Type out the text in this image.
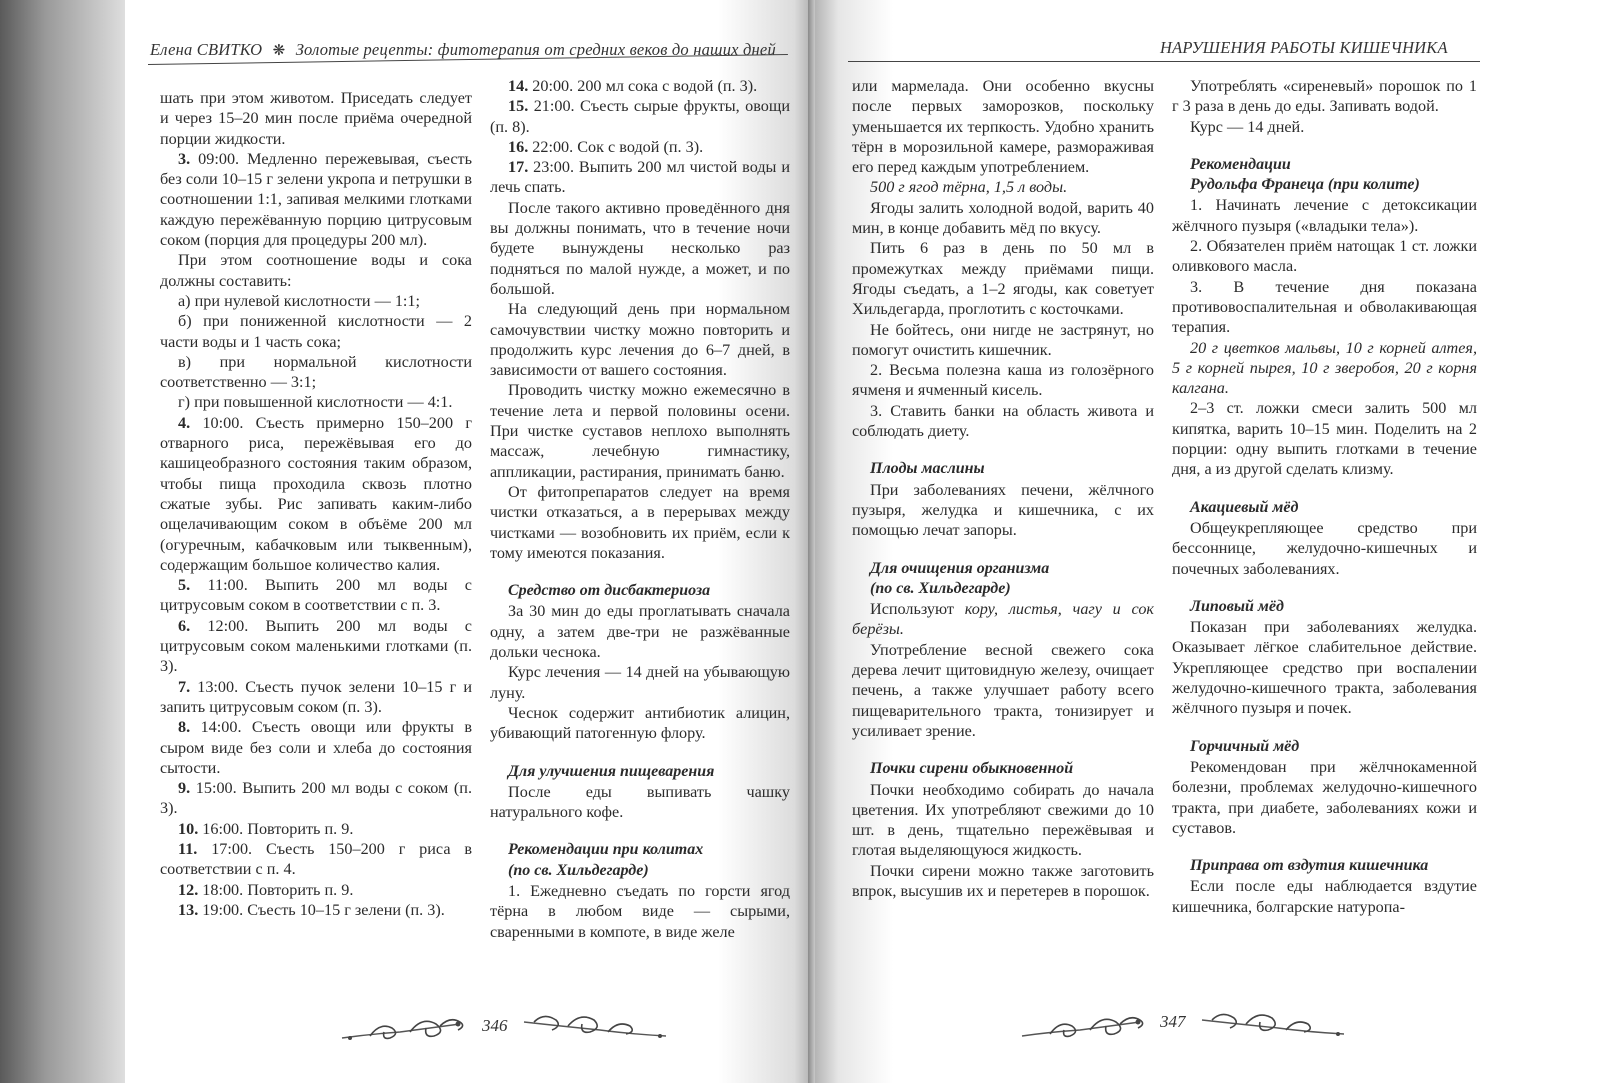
Елена СВИТКО ❋ Золотые рецепты: фитотерапия от средних веков до наших дней	НАРУШЕНИЯ РАБОТЫ КИШЕЧНИКА

шать при этом животом. Приседать следует и через 15–20 мин после приёма очередной порции жидкости.

3. 09:00. Медленно пережевывая, съесть без соли 10–15 г зелени укропа и петрушки в соотношении 1:1, запивая мелкими глотками каждую пережёванную порцию цитрусовым соком (порция для процедуры 200 мл).

При этом соотношение воды и сока должны составить:

а) при нулевой кислотности — 1:1;

б) при пониженной кислотности — 2 части воды и 1 часть сока;

в) при нормальной кислотности соответственно — 3:1;

г) при повышенной кислотности — 4:1.

4. 10:00. Съесть примерно 150–200 г отварного риса, пережёвывая его до кашицеобразного состояния таким образом, чтобы пища проходила сквозь плотно сжатые зубы. Рис запивать каким-либо ощелачивающим соком в объёме 200 мл (огуречным, кабачковым или тыквенным), содержащим большое количество калия.

5. 11:00. Выпить 200 мл воды с цитрусовым соком в соответствии с п. 3.

6. 12:00. Выпить 200 мл воды с цитрусовым соком маленькими глотками (п. 3).

7. 13:00. Съесть пучок зелени 10–15 г и запить цитрусовым соком (п. 3).

8. 14:00. Съесть овощи или фрукты в сыром виде без соли и хлеба до состояния сытости.

9. 15:00. Выпить 200 мл воды с соком (п. 3).

10. 16:00. Повторить п. 9.

11. 17:00. Съесть 150–200 г риса в соответствии с п. 4.

12. 18:00. Повторить п. 9.

13. 19:00. Съесть 10–15 г зелени (п. 3).

14. 20:00. 200 мл сока с водой (п. 3).

15. 21:00. Съесть сырые фрукты, овощи (п. 8).

16. 22:00. Сок с водой (п. 3).

17. 23:00. Выпить 200 мл чистой воды и лечь спать.

После такого активно проведённого дня вы должны понимать, что в течение ночи будете вынуждены несколько раз подняться по малой нужде, а может, и по большой.

На следующий день при нормальном самочувствии чистку можно повторить и продолжить курс лечения до 6–7 дней, в зависимости от вашего состояния.

Проводить чистку можно ежемесячно в течение лета и первой половины осени. При чистке суставов неплохо выполнять массаж, лечебную гимнастику, аппликации, растирания, принимать баню.

От фитопрепаратов следует на время чистки отказаться, а в перерывах между чистками — возобновить их приём, если к тому имеются показания.

Средство от дисбактериоза

За 30 мин до еды проглатывать сначала одну, а затем две-три не разжёванные дольки чеснока.

Курс лечения — 14 дней на убывающую луну.

Чеснок содержит антибиотик алицин, убивающий патогенную флору.

Для улучшения пищеварения

После еды выпивать чашку натурального кофе.

Рекомендации при колитах
(по св. Хильдегарде)

1. Ежедневно съедать по горсти ягод тёрна в любом виде — сырыми, сваренными в компоте, в виде желе

или мармелада. Они особенно вкусны после первых заморозков, поскольку уменьшается их терпкость. Удобно хранить тёрн в морозильной камере, размораживая его перед каждым употреблением.

500 г ягод тёрна, 1,5 л воды.

Ягоды залить холодной водой, варить 40 мин, в конце добавить мёд по вкусу.

Пить 6 раз в день по 50 мл в промежутках между приёмами пищи. Ягоды съедать, а 1–2 ягоды, как советует Хильдегарда, проглотить с косточками.

Не бойтесь, они нигде не застрянут, но помогут очистить кишечник.

2. Весьма полезна каша из голозёрного ячменя и ячменный кисель.

3. Ставить банки на область живота и соблюдать диету.

Плоды маслины

При заболеваниях печени, жёлчного пузыря, желудка и кишечника, с их помощью лечат запоры.

Для очищения организма
(по св. Хильдегарде)

Используют кору, листья, чагу и сок берёзы.

Употребление весной свежего сока дерева лечит щитовидную железу, очищает печень, а также улучшает работу всего пищеварительного тракта, тонизирует и усиливает зрение.

Почки сирени обыкновенной

Почки необходимо собирать до начала цветения. Их употребляют свежими до 10 шт. в день, тщательно пережёвывая и глотая выделяющуюся жидкость.

Почки сирени можно также заготовить впрок, высушив их и перетерев в порошок.

Употреблять «сиреневый» порошок по 1 г 3 раза в день до еды. Запивать водой.

Курс — 14 дней.

Рекомендации
Рудольфа Франеца (при колите)

1. Начинать лечение с детоксикации жёлчного пузыря («владыки тела»).

2. Обязателен приём натощак 1 ст. ложки оливкового масла.

3. В течение дня показана противовоспалительная и обволакивающая терапия.

20 г цветков мальвы, 10 г корней алтея, 5 г корней пырея, 10 г зверобоя, 20 г корня калгана.

2–3 ст. ложки смеси залить 500 мл кипятка, варить 10–15 мин. Поделить на 2 порции: одну выпить глотками в течение дня, а из другой сделать клизму.

Акациевый мёд

Общеукрепляющее средство при бессоннице, желудочно-кишечных и почечных заболеваниях.

Липовый мёд

Показан при заболеваниях желудка. Оказывает лёгкое слабительное действие. Укрепляющее средство при воспалении желудочно-кишечного тракта, заболевания жёлчного пузыря и почек.

Горчичный мёд

Рекомендован при жёлчнокаменной болезни, проблемах желудочно-кишечного тракта, при диабете, заболеваниях кожи и суставов.

Приправа от вздутия кишечника

Если после еды наблюдается вздутие кишечника, болгарские натуропа-

346	347
